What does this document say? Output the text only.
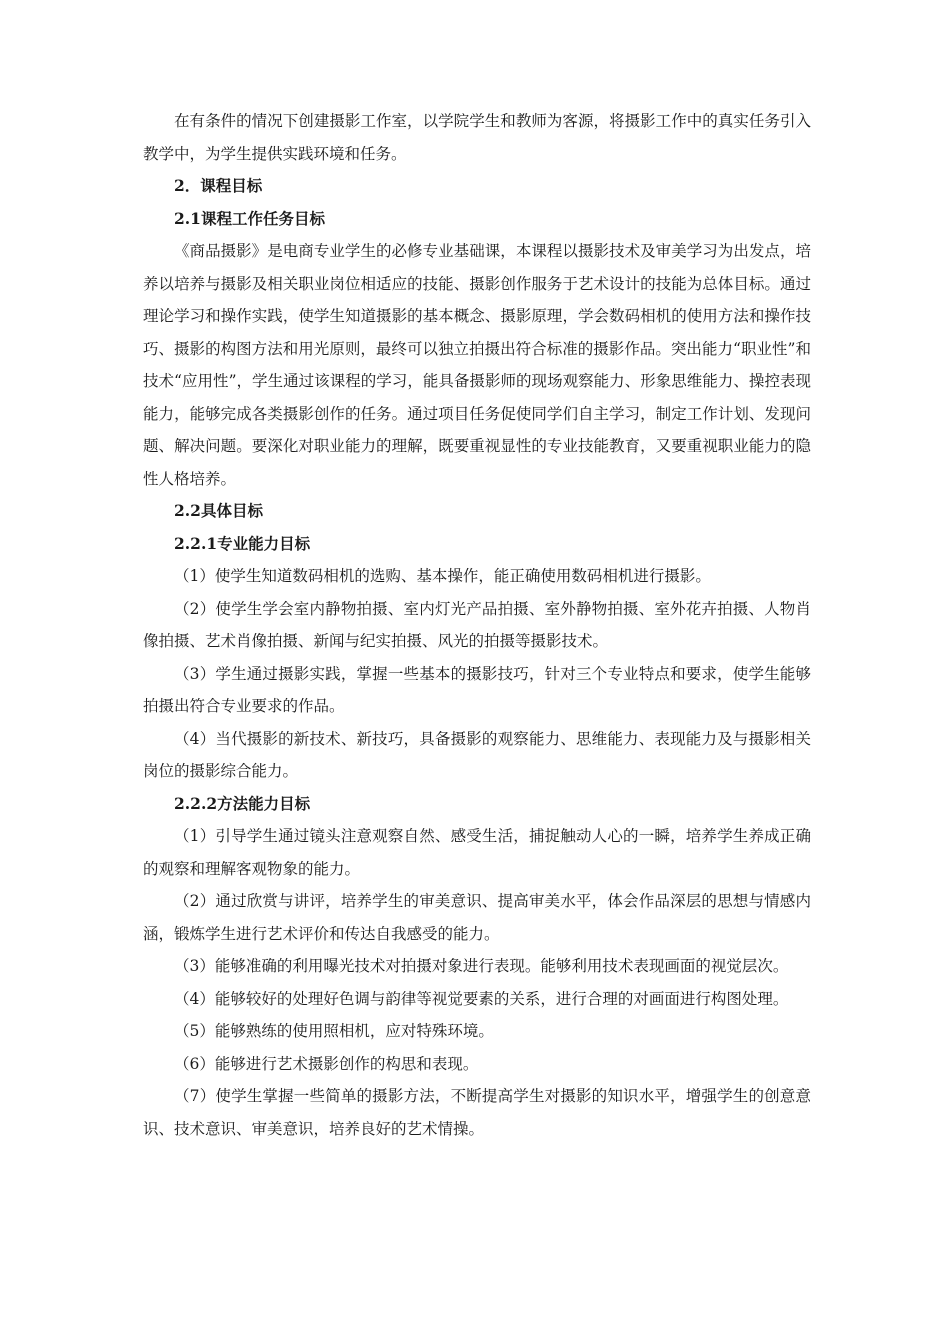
在有条件的情况下创建摄影工作室，以学院学生和教师为客源，将摄影工作中的真实任务引入教学中，为学生提供实践环境和任务。

2．课程目标

2.1课程工作任务目标

《商品摄影》是电商专业学生的必修专业基础课，本课程以摄影技术及审美学习为出发点，培养以培养与摄影及相关职业岗位相适应的技能、摄影创作服务于艺术设计的技能为总体目标。通过理论学习和操作实践，使学生知道摄影的基本概念、摄影原理，学会数码相机的使用方法和操作技巧、摄影的构图方法和用光原则，最终可以独立拍摄出符合标准的摄影作品。突出能力“职业性”和技术“应用性”，学生通过该课程的学习，能具备摄影师的现场观察能力、形象思维能力、操控表现能力，能够完成各类摄影创作的任务。通过项目任务促使同学们自主学习，制定工作计划、发现问题、解决问题。要深化对职业能力的理解，既要重视显性的专业技能教育，又要重视职业能力的隐性人格培养。

2.2具体目标

2.2.1专业能力目标

（1）使学生知道数码相机的选购、基本操作，能正确使用数码相机进行摄影。

（2）使学生学会室内静物拍摄、室内灯光产品拍摄、室外静物拍摄、室外花卉拍摄、人物肖像拍摄、艺术肖像拍摄、新闻与纪实拍摄、风光的拍摄等摄影技术。

（3）学生通过摄影实践，掌握一些基本的摄影技巧，针对三个专业特点和要求，使学生能够拍摄出符合专业要求的作品。

（4）当代摄影的新技术、新技巧，具备摄影的观察能力、思维能力、表现能力及与摄影相关岗位的摄影综合能力。

2.2.2方法能力目标

（1）引导学生通过镜头注意观察自然、感受生活，捕捉触动人心的一瞬，培养学生养成正确的观察和理解客观物象的能力。

（2）通过欣赏与讲评，培养学生的审美意识、提高审美水平，体会作品深层的思想与情感内涵，锻炼学生进行艺术评价和传达自我感受的能力。

（3）能够准确的利用曝光技术对拍摄对象进行表现。能够利用技术表现画面的视觉层次。

（4）能够较好的处理好色调与韵律等视觉要素的关系，进行合理的对画面进行构图处理。

（5）能够熟练的使用照相机，应对特殊环境。

（6）能够进行艺术摄影创作的构思和表现。

（7）使学生掌握一些简单的摄影方法，不断提高学生对摄影的知识水平，增强学生的创意意识、技术意识、审美意识，培养良好的艺术情操。
